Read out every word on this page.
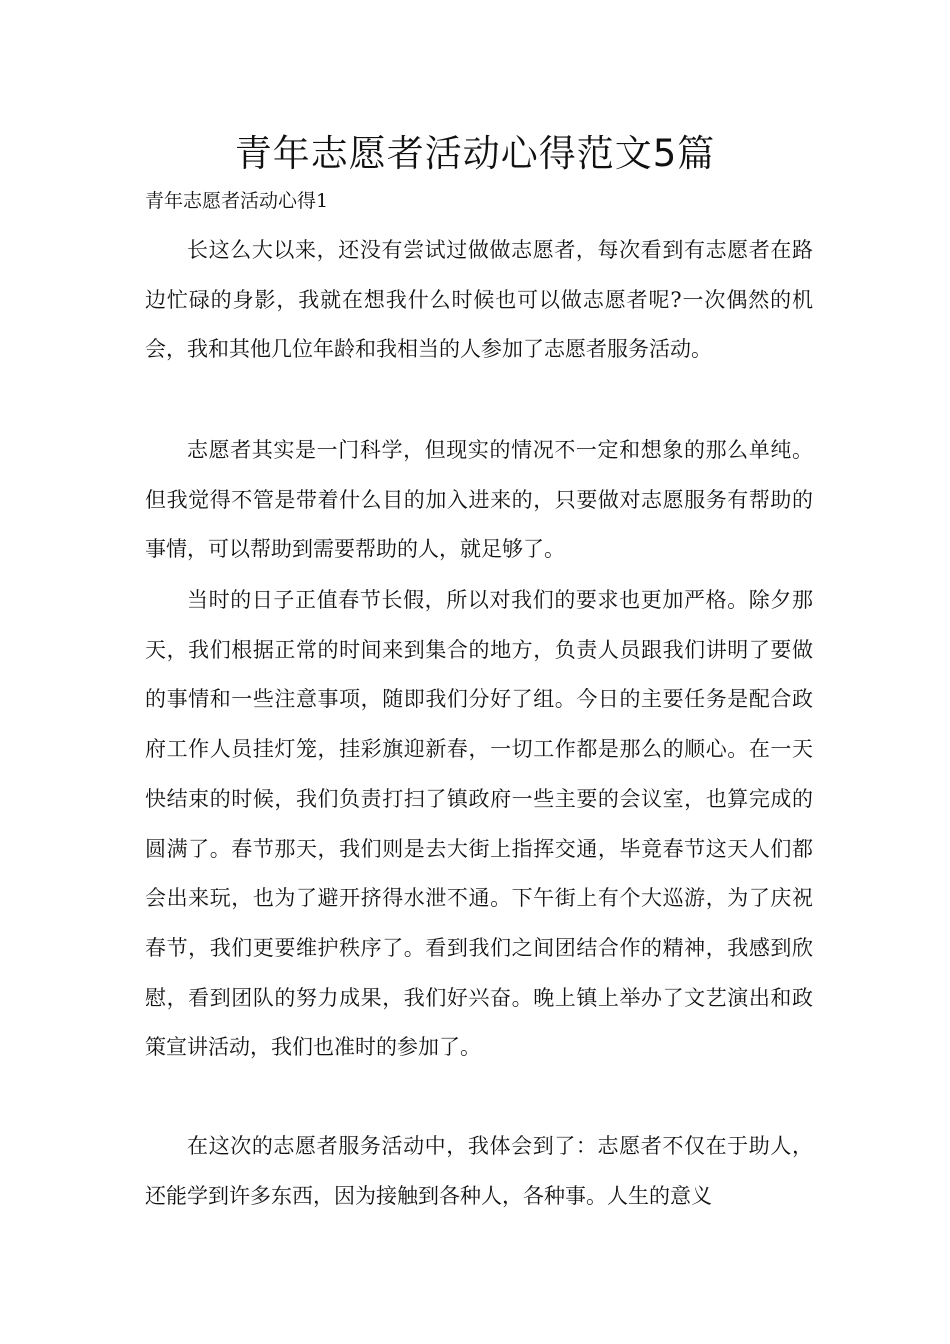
青年志愿者活动心得范文5篇
青年志愿者活动心得1

长这么大以来，还没有尝试过做做志愿者，每次看到有志愿者在路边忙碌的身影，我就在想我什么时候也可以做志愿者呢?一次偶然的机会，我和其他几位年龄和我相当的人参加了志愿者服务活动。

志愿者其实是一门科学，但现实的情况不一定和想象的那么单纯。但我觉得不管是带着什么目的加入进来的，只要做对志愿服务有帮助的事情，可以帮助到需要帮助的人，就足够了。

当时的日子正值春节长假，所以对我们的要求也更加严格。除夕那天，我们根据正常的时间来到集合的地方，负责人员跟我们讲明了要做的事情和一些注意事项，随即我们分好了组。今日的主要任务是配合政府工作人员挂灯笼，挂彩旗迎新春，一切工作都是那么的顺心。在一天快结束的时候，我们负责打扫了镇政府一些主要的会议室，也算完成的圆满了。春节那天，我们则是去大街上指挥交通，毕竟春节这天人们都会出来玩，也为了避开挤得水泄不通。下午街上有个大巡游，为了庆祝春节，我们更要维护秩序了。看到我们之间团结合作的精神，我感到欣慰，看到团队的努力成果，我们好兴奋。晚上镇上举办了文艺演出和政策宣讲活动，我们也准时的参加了。

在这次的志愿者服务活动中，我体会到了：志愿者不仅在于助人，还能学到许多东西，因为接触到各种人，各种事。人生的意义
